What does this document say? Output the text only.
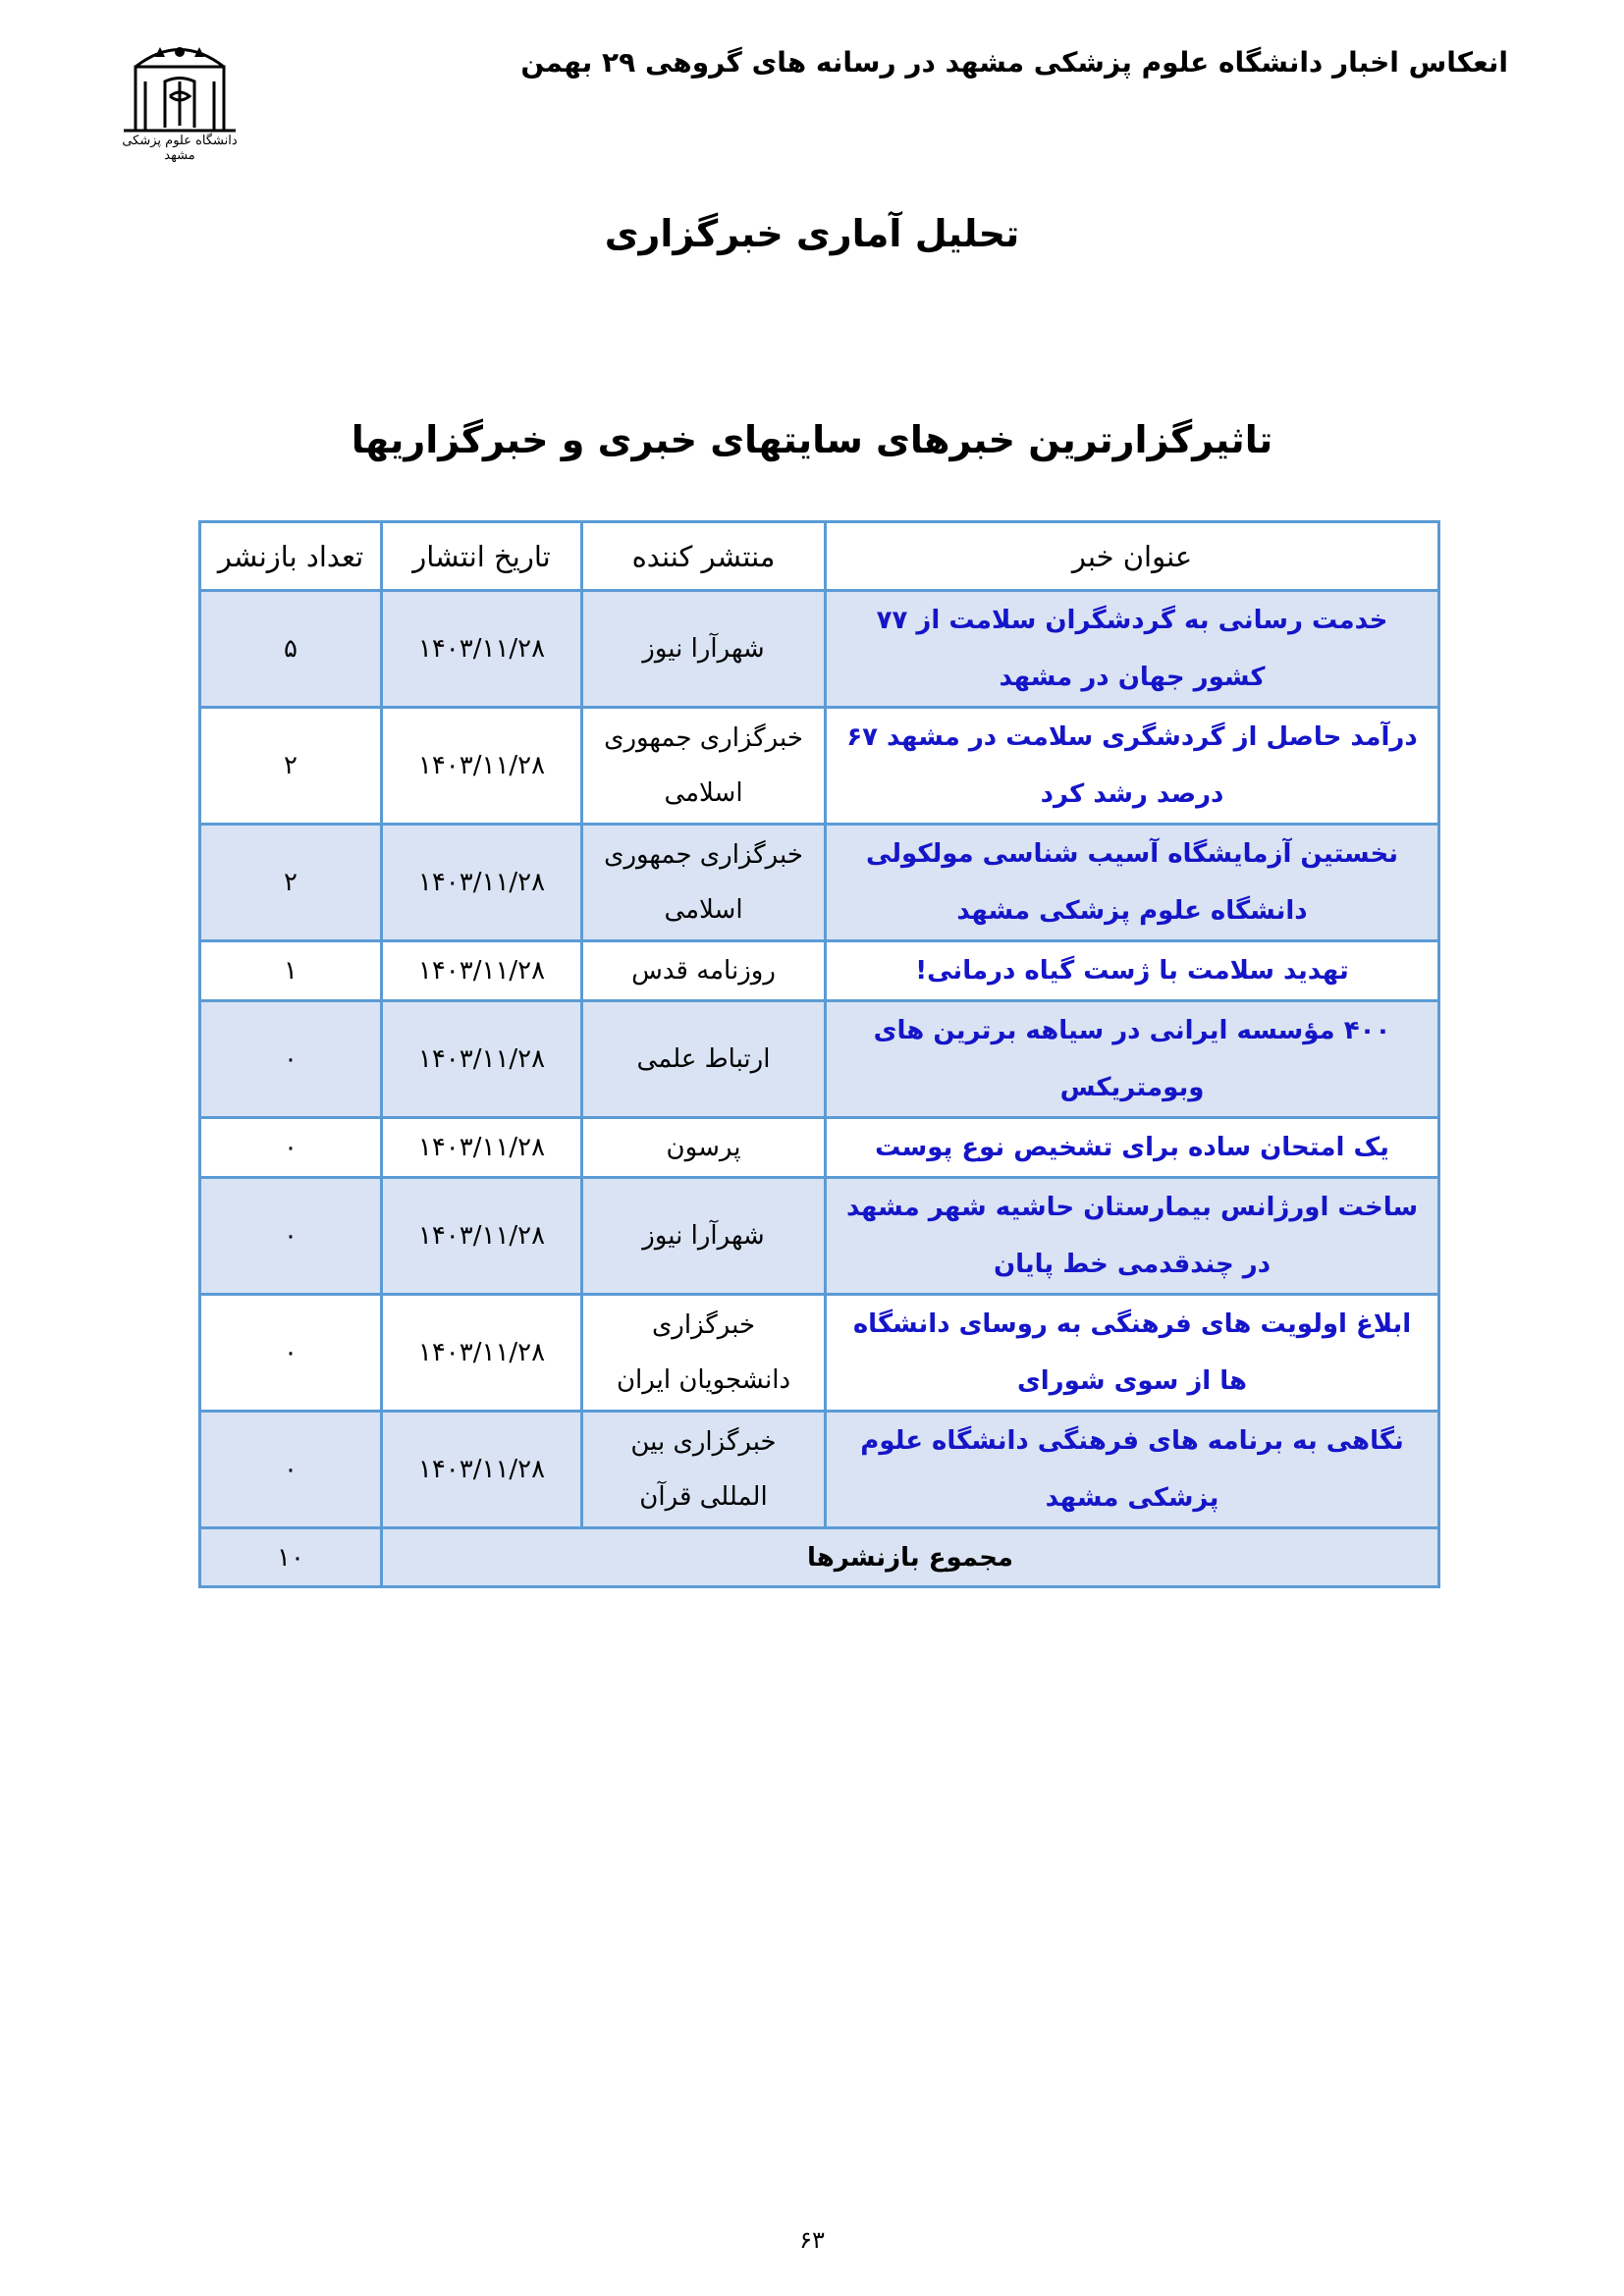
انعکاس اخبار دانشگاه علوم پزشکی مشهد در رسانه های گروهی ۲۹ بهمن
دانشگاه علوم پزشکی مشهد
تحلیل آماری خبرگزاری
تاثیرگزارترین خبرهای سایتهای خبری و خبرگزاریها
عنوان خبر	منتشر کننده	تاریخ انتشار	تعداد بازنشر
خدمت رسانی به گردشگران سلامت از ۷۷ کشور جهان در مشهد	شهرآرا نیوز	۱۴۰۳/۱۱/۲۸	۵
درآمد حاصل از گردشگری سلامت در مشهد ۶۷ درصد رشد کرد	خبرگزاری جمهوری اسلامی	۱۴۰۳/۱۱/۲۸	۲
نخستین آزمایشگاه آسیب شناسی مولکولی دانشگاه علوم پزشکی مشهد	خبرگزاری جمهوری اسلامی	۱۴۰۳/۱۱/۲۸	۲
تهدید سلامت با ژست گیاه درمانی!	روزنامه قدس	۱۴۰۳/۱۱/۲۸	۱
۴۰۰ مؤسسه ایرانی در سیاهه برترین های وبومتریکس	ارتباط علمی	۱۴۰۳/۱۱/۲۸	۰
یک امتحان ساده برای تشخیص نوع پوست	پرسون	۱۴۰۳/۱۱/۲۸	۰
ساخت اورژانس بیمارستان حاشیه شهر مشهد در چندقدمی خط پایان	شهرآرا نیوز	۱۴۰۳/۱۱/۲۸	۰
ابلاغ اولویت های فرهنگی به روسای دانشگاه ها از سوی شورای	خبرگزاری دانشجویان ایران	۱۴۰۳/۱۱/۲۸	۰
نگاهی به برنامه های فرهنگی دانشگاه علوم پزشکی مشهد	خبرگزاری بین المللی قرآن	۱۴۰۳/۱۱/۲۸	۰
مجموع بازنشرها			۱۰
۶۳
